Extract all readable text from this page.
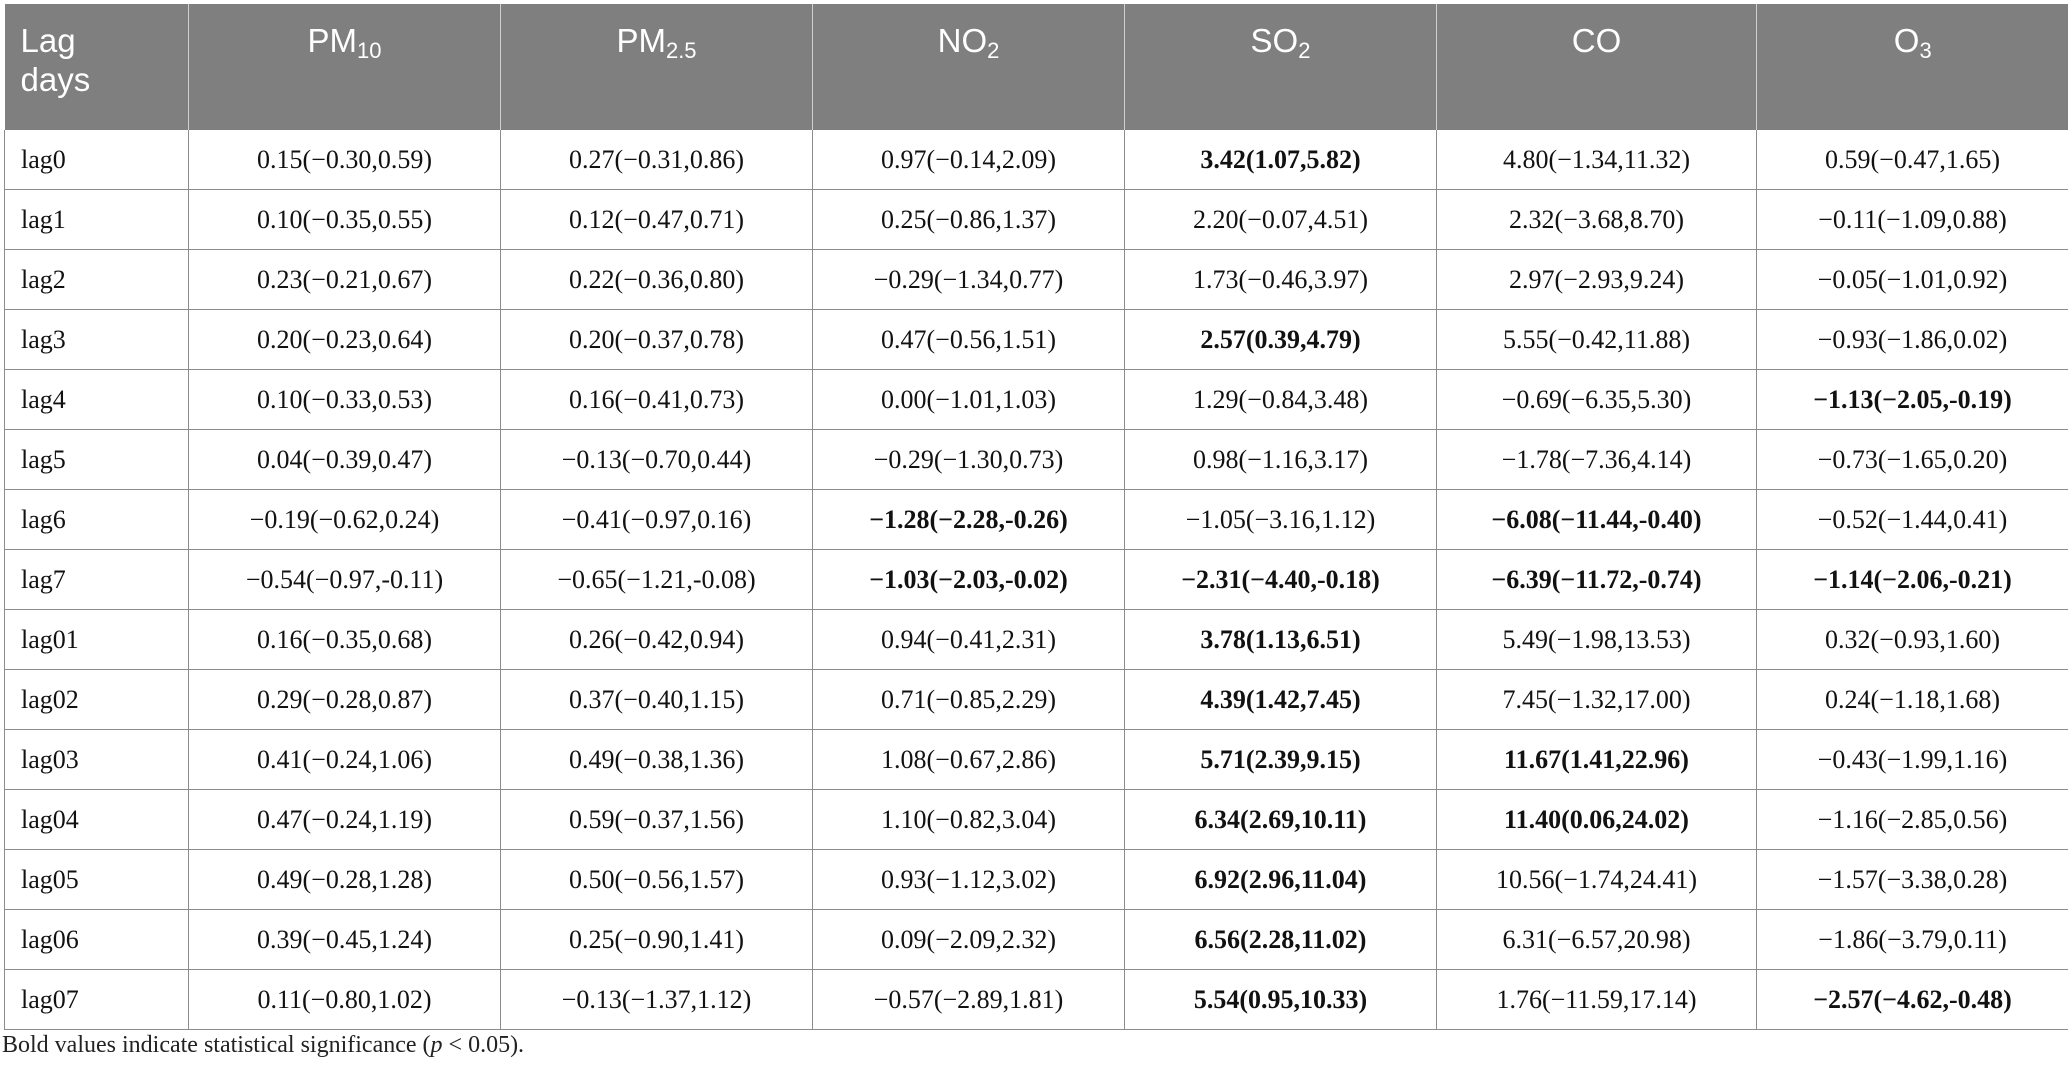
Lag
days	$PM_{10}$	$PM_{2.5}$	$NO_2$	$SO_2$	CO	$O_3$
lag0	0.15(−0.30,0.59)	0.27(−0.31,0.86)	0.97(−0.14,2.09)	3.42(1.07,5.82)	4.80(−1.34,11.32)	0.59(−0.47,1.65)
lag1	0.10(−0.35,0.55)	0.12(−0.47,0.71)	0.25(−0.86,1.37)	2.20(−0.07,4.51)	2.32(−3.68,8.70)	−0.11(−1.09,0.88)
lag2	0.23(−0.21,0.67)	0.22(−0.36,0.80)	−0.29(−1.34,0.77)	1.73(−0.46,3.97)	2.97(−2.93,9.24)	−0.05(−1.01,0.92)
lag3	0.20(−0.23,0.64)	0.20(−0.37,0.78)	0.47(−0.56,1.51)	2.57(0.39,4.79)	5.55(−0.42,11.88)	−0.93(−1.86,0.02)
lag4	0.10(−0.33,0.53)	0.16(−0.41,0.73)	0.00(−1.01,1.03)	1.29(−0.84,3.48)	−0.69(−6.35,5.30)	−1.13(−2.05,-0.19)
lag5	0.04(−0.39,0.47)	−0.13(−0.70,0.44)	−0.29(−1.30,0.73)	0.98(−1.16,3.17)	−1.78(−7.36,4.14)	−0.73(−1.65,0.20)
lag6	−0.19(−0.62,0.24)	−0.41(−0.97,0.16)	−1.28(−2.28,-0.26)	−1.05(−3.16,1.12)	−6.08(−11.44,-0.40)	−0.52(−1.44,0.41)
lag7	−0.54(−0.97,-0.11)	−0.65(−1.21,-0.08)	−1.03(−2.03,-0.02)	−2.31(−4.40,-0.18)	−6.39(−11.72,-0.74)	−1.14(−2.06,-0.21)
lag01	0.16(−0.35,0.68)	0.26(−0.42,0.94)	0.94(−0.41,2.31)	3.78(1.13,6.51)	5.49(−1.98,13.53)	0.32(−0.93,1.60)
lag02	0.29(−0.28,0.87)	0.37(−0.40,1.15)	0.71(−0.85,2.29)	4.39(1.42,7.45)	7.45(−1.32,17.00)	0.24(−1.18,1.68)
lag03	0.41(−0.24,1.06)	0.49(−0.38,1.36)	1.08(−0.67,2.86)	5.71(2.39,9.15)	11.67(1.41,22.96)	−0.43(−1.99,1.16)
lag04	0.47(−0.24,1.19)	0.59(−0.37,1.56)	1.10(−0.82,3.04)	6.34(2.69,10.11)	11.40(0.06,24.02)	−1.16(−2.85,0.56)
lag05	0.49(−0.28,1.28)	0.50(−0.56,1.57)	0.93(−1.12,3.02)	6.92(2.96,11.04)	10.56(−1.74,24.41)	−1.57(−3.38,0.28)
lag06	0.39(−0.45,1.24)	0.25(−0.90,1.41)	0.09(−2.09,2.32)	6.56(2.28,11.02)	6.31(−6.57,20.98)	−1.86(−3.79,0.11)
lag07	0.11(−0.80,1.02)	−0.13(−1.37,1.12)	−0.57(−2.89,1.81)	5.54(0.95,10.33)	1.76(−11.59,17.14)	−2.57(−4.62,-0.48)
Bold values indicate statistical significance (p < 0.05).
